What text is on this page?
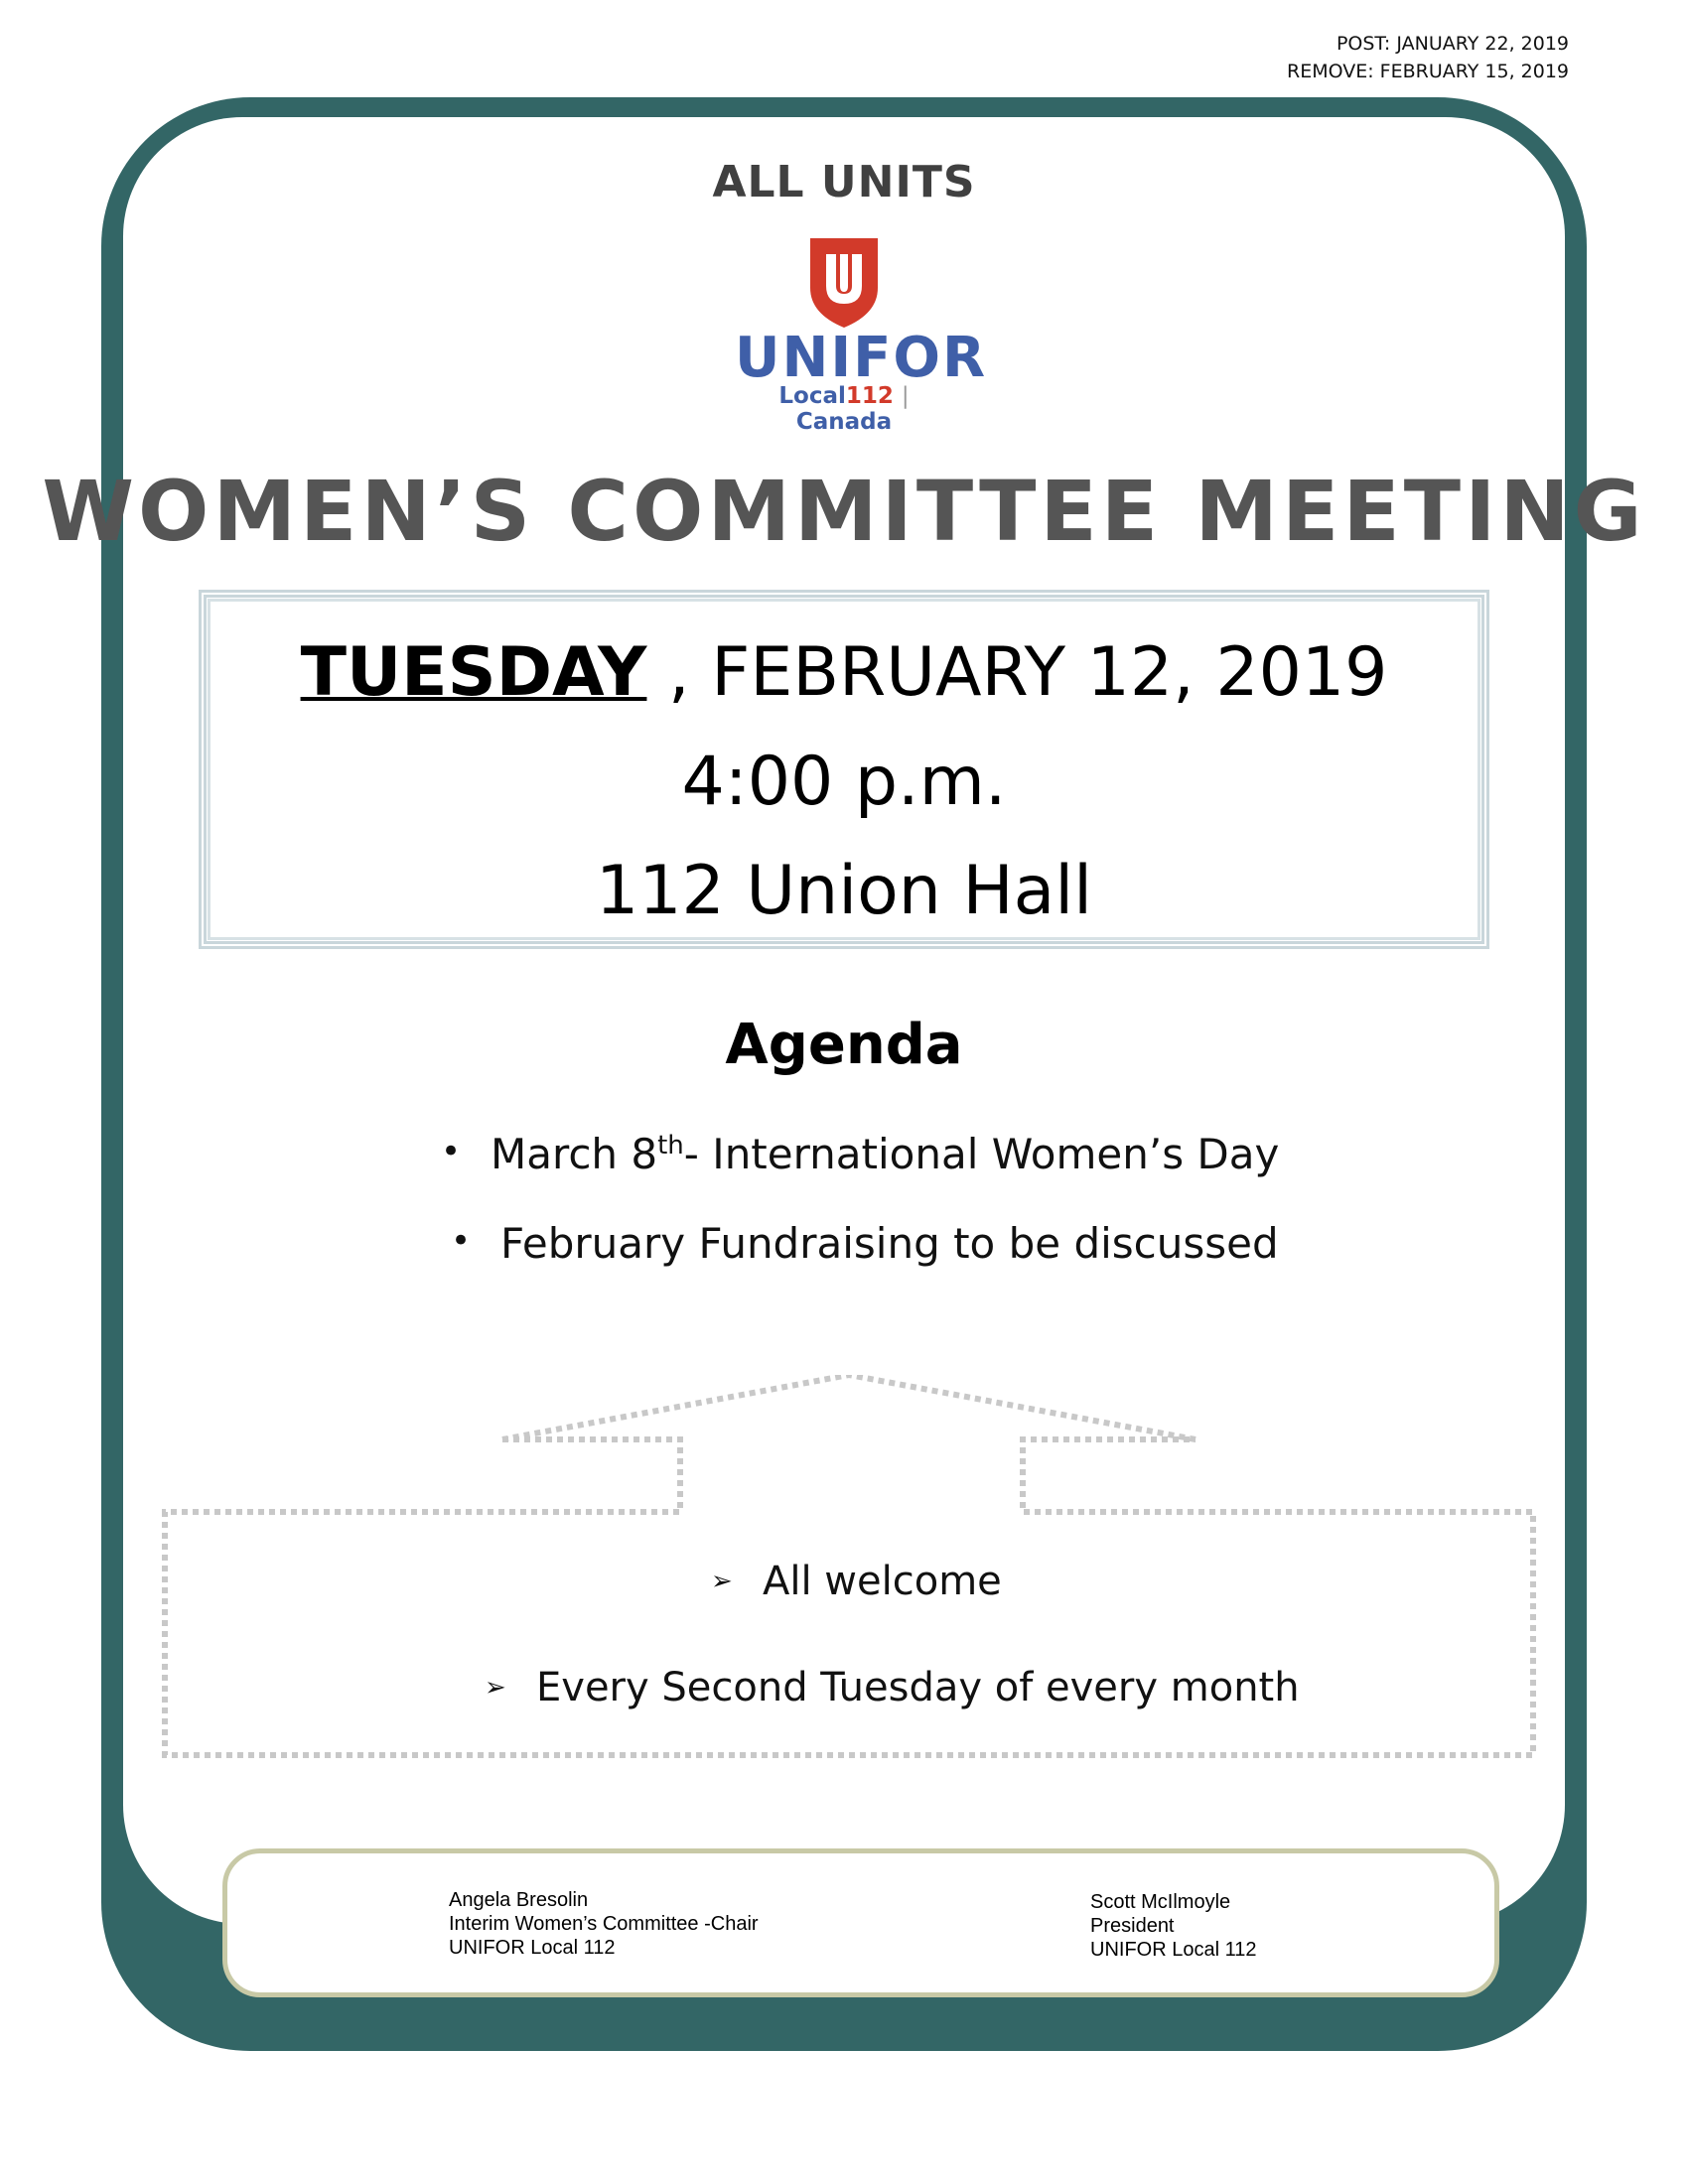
POST: JANUARY 22, 2019
REMOVE: FEBRUARY 15, 2019
ALL UNITS
UNIFOR
Local112 | Canada
WOMEN’S COMMITTEE MEETING
TUESDAY , FEBRUARY 12, 2019
4:00 p.m.
112 Union Hall
Agenda
• March 8th- International Women’s Day
• February Fundraising to be discussed
➢ All welcome
➢ Every Second Tuesday of every month
Angela Bresolin
Interim Women’s Committee -Chair
UNIFOR Local 112
Scott McIlmoyle
President
UNIFOR Local 112
